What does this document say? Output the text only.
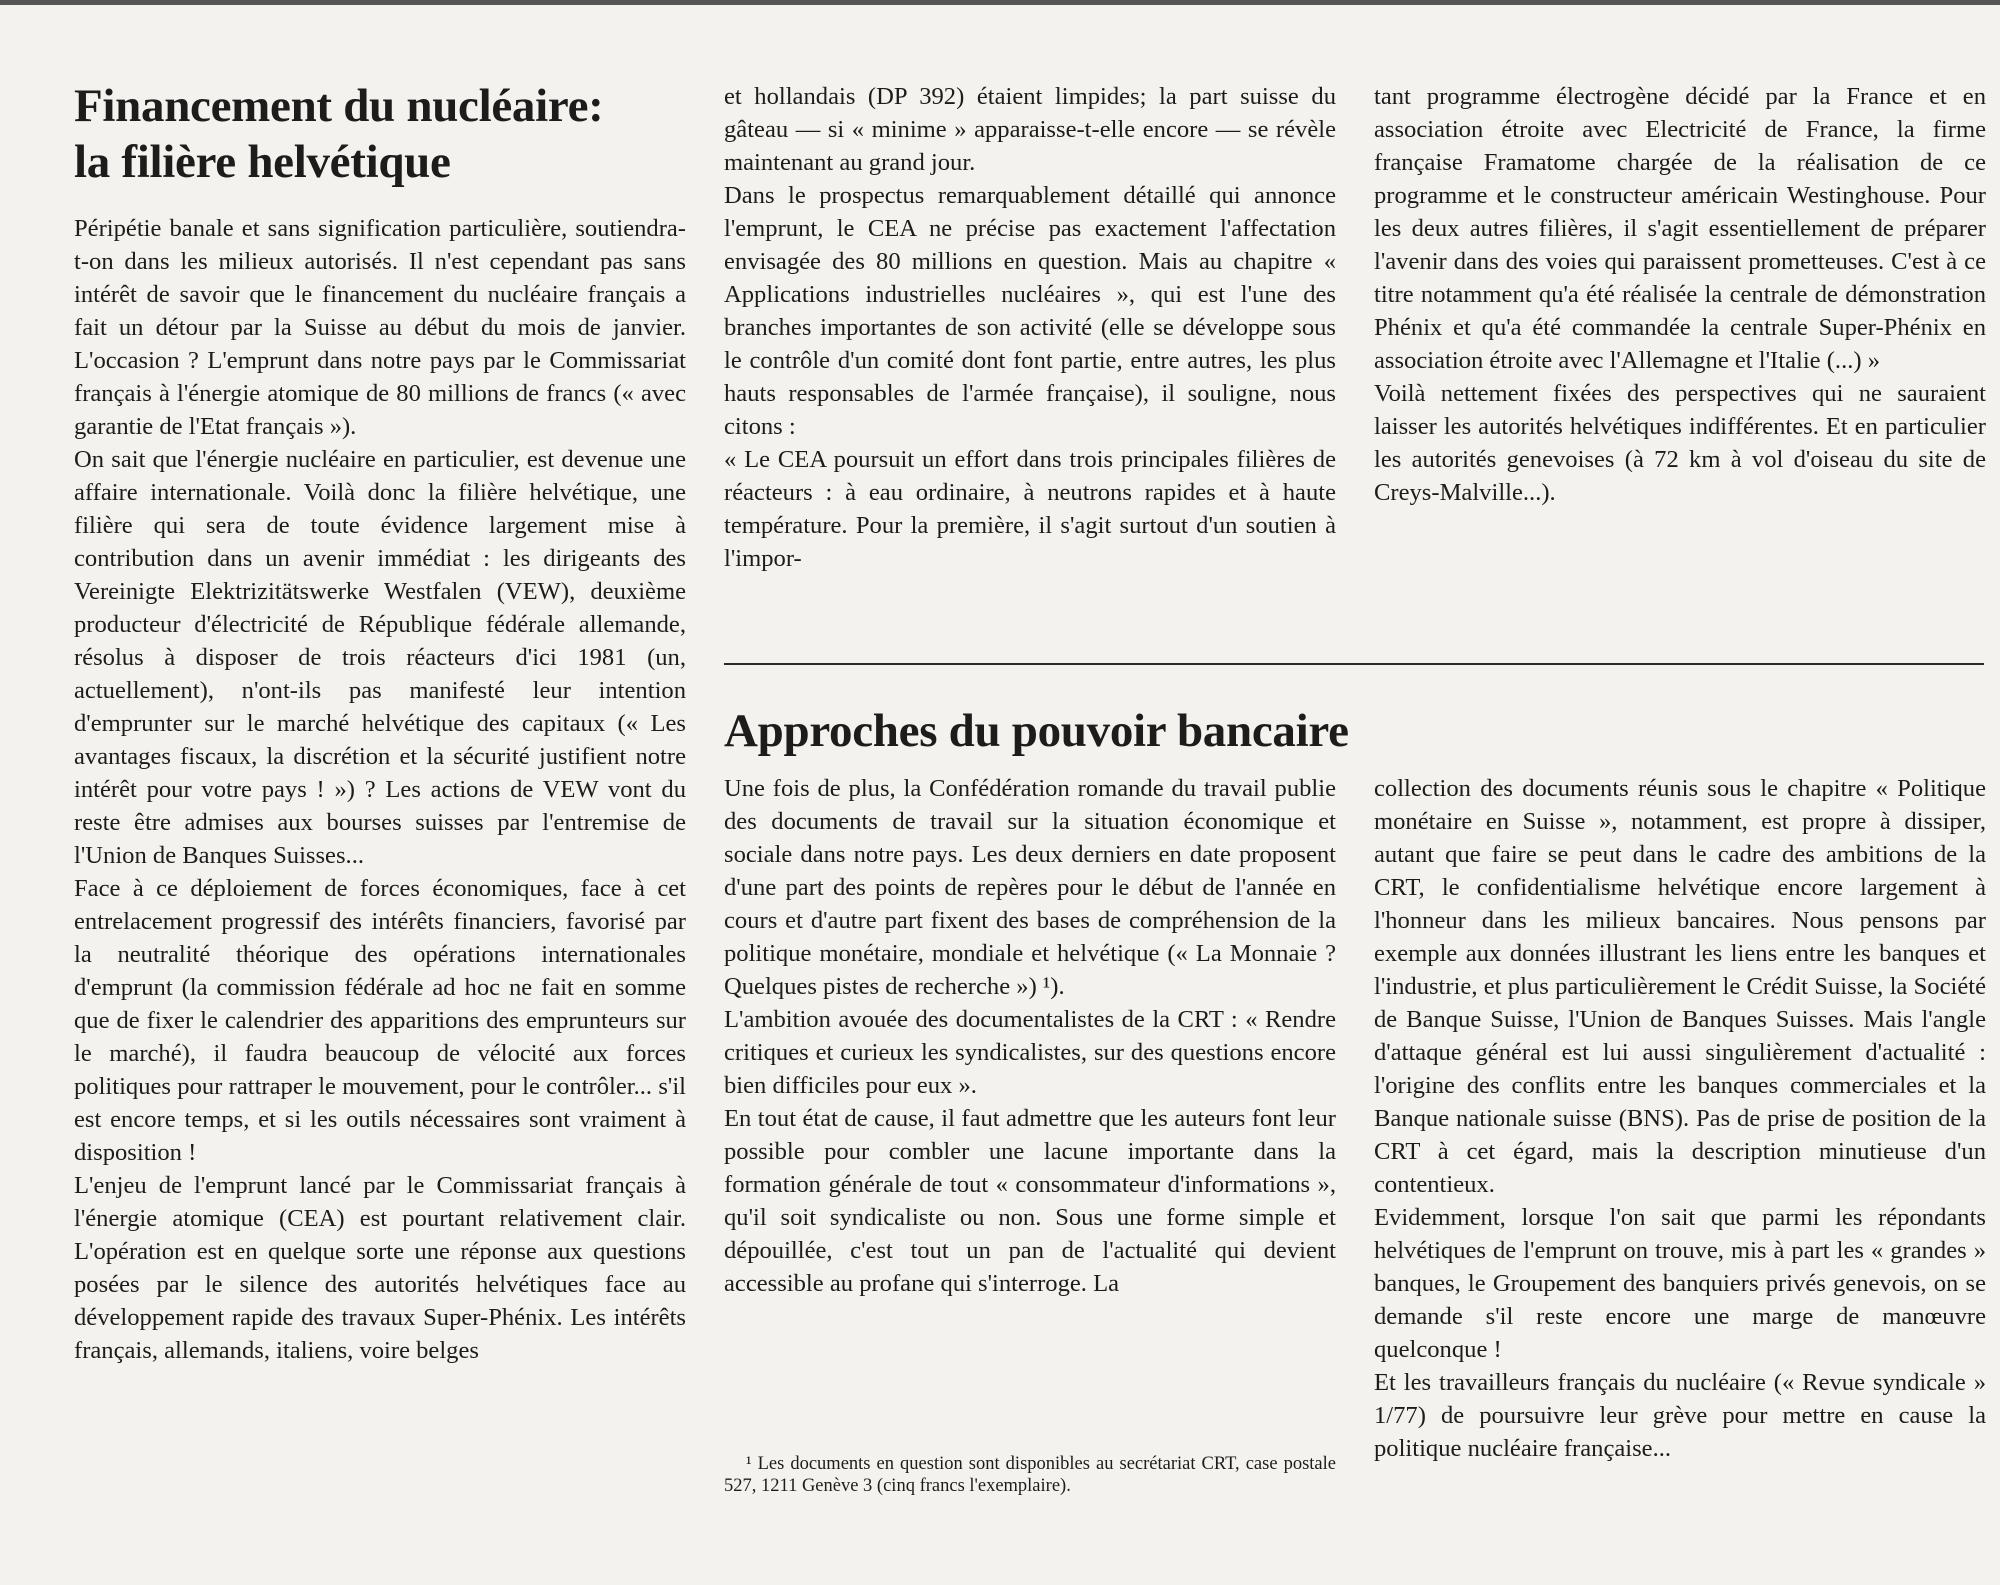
Financement du nucléaire:
la filière helvétique

Péripétie banale et sans signification particulière, soutiendra-t-on dans les milieux autorisés. Il n'est cependant pas sans intérêt de savoir que le financement du nucléaire français a fait un détour par la Suisse au début du mois de janvier. L'occasion ? L'emprunt dans notre pays par le Commissariat français à l'énergie atomique de 80 millions de francs (« avec garantie de l'Etat français »).

On sait que l'énergie nucléaire en particulier, est devenue une affaire internationale. Voilà donc la filière helvétique, une filière qui sera de toute évidence largement mise à contribution dans un avenir immédiat : les dirigeants des Vereinigte Elektrizitätswerke Westfalen (VEW), deuxième producteur d'électricité de République fédérale allemande, résolus à disposer de trois réacteurs d'ici 1981 (un, actuellement), n'ont-ils pas manifesté leur intention d'emprunter sur le marché helvétique des capitaux (« Les avantages fiscaux, la discrétion et la sécurité justifient notre intérêt pour votre pays ! ») ? Les actions de VEW vont du reste être admises aux bourses suisses par l'entremise de l'Union de Banques Suisses...

Face à ce déploiement de forces économiques, face à cet entrelacement progressif des intérêts financiers, favorisé par la neutralité théorique des opérations internationales d'emprunt (la commission fédérale ad hoc ne fait en somme que de fixer le calendrier des apparitions des emprunteurs sur le marché), il faudra beaucoup de vélocité aux forces politiques pour rattraper le mouvement, pour le contrôler... s'il est encore temps, et si les outils nécessaires sont vraiment à disposition !

L'enjeu de l'emprunt lancé par le Commissariat français à l'énergie atomique (CEA) est pourtant relativement clair. L'opération est en quelque sorte une réponse aux questions posées par le silence des autorités helvétiques face au développement rapide des travaux Super-Phénix. Les intérêts français, allemands, italiens, voire belges

et hollandais (DP 392) étaient limpides; la part suisse du gâteau — si « minime » apparaisse-t-elle encore — se révèle maintenant au grand jour.

Dans le prospectus remarquablement détaillé qui annonce l'emprunt, le CEA ne précise pas exactement l'affectation envisagée des 80 millions en question. Mais au chapitre « Applications industrielles nucléaires », qui est l'une des branches importantes de son activité (elle se développe sous le contrôle d'un comité dont font partie, entre autres, les plus hauts responsables de l'armée française), il souligne, nous citons :

« Le CEA poursuit un effort dans trois principales filières de réacteurs : à eau ordinaire, à neutrons rapides et à haute température. Pour la première, il s'agit surtout d'un soutien à l'impor-

tant programme électrogène décidé par la France et en association étroite avec Electricité de France, la firme française Framatome chargée de la réalisation de ce programme et le constructeur américain Westinghouse. Pour les deux autres filières, il s'agit essentiellement de préparer l'avenir dans des voies qui paraissent prometteuses. C'est à ce titre notamment qu'a été réalisée la centrale de démonstration Phénix et qu'a été commandée la centrale Super-Phénix en association étroite avec l'Allemagne et l'Italie (...) »

Voilà nettement fixées des perspectives qui ne sauraient laisser les autorités helvétiques indifférentes. Et en particulier les autorités genevoises (à 72 km à vol d'oiseau du site de Creys-Malville...).

Approches du pouvoir bancaire

Une fois de plus, la Confédération romande du travail publie des documents de travail sur la situation économique et sociale dans notre pays. Les deux derniers en date proposent d'une part des points de repères pour le début de l'année en cours et d'autre part fixent des bases de compréhension de la politique monétaire, mondiale et helvétique (« La Monnaie ? Quelques pistes de recherche ») ¹).

L'ambition avouée des documentalistes de la CRT : « Rendre critiques et curieux les syndicalistes, sur des questions encore bien difficiles pour eux ».

En tout état de cause, il faut admettre que les auteurs font leur possible pour combler une lacune importante dans la formation générale de tout « consommateur d'informations », qu'il soit syndicaliste ou non. Sous une forme simple et dépouillée, c'est tout un pan de l'actualité qui devient accessible au profane qui s'interroge. La

¹ Les documents en question sont disponibles au secrétariat CRT, case postale 527, 1211 Genève 3 (cinq francs l'exemplaire).

collection des documents réunis sous le chapitre « Politique monétaire en Suisse », notamment, est propre à dissiper, autant que faire se peut dans le cadre des ambitions de la CRT, le confidentialisme helvétique encore largement à l'honneur dans les milieux bancaires. Nous pensons par exemple aux données illustrant les liens entre les banques et l'industrie, et plus particulièrement le Crédit Suisse, la Société de Banque Suisse, l'Union de Banques Suisses. Mais l'angle d'attaque général est lui aussi singulièrement d'actualité : l'origine des conflits entre les banques commerciales et la Banque nationale suisse (BNS). Pas de prise de position de la CRT à cet égard, mais la description minutieuse d'un contentieux.

Evidemment, lorsque l'on sait que parmi les répondants helvétiques de l'emprunt on trouve, mis à part les « grandes » banques, le Groupement des banquiers privés genevois, on se demande s'il reste encore une marge de manœuvre quelconque !

Et les travailleurs français du nucléaire (« Revue syndicale » 1/77) de poursuivre leur grève pour mettre en cause la politique nucléaire française...
